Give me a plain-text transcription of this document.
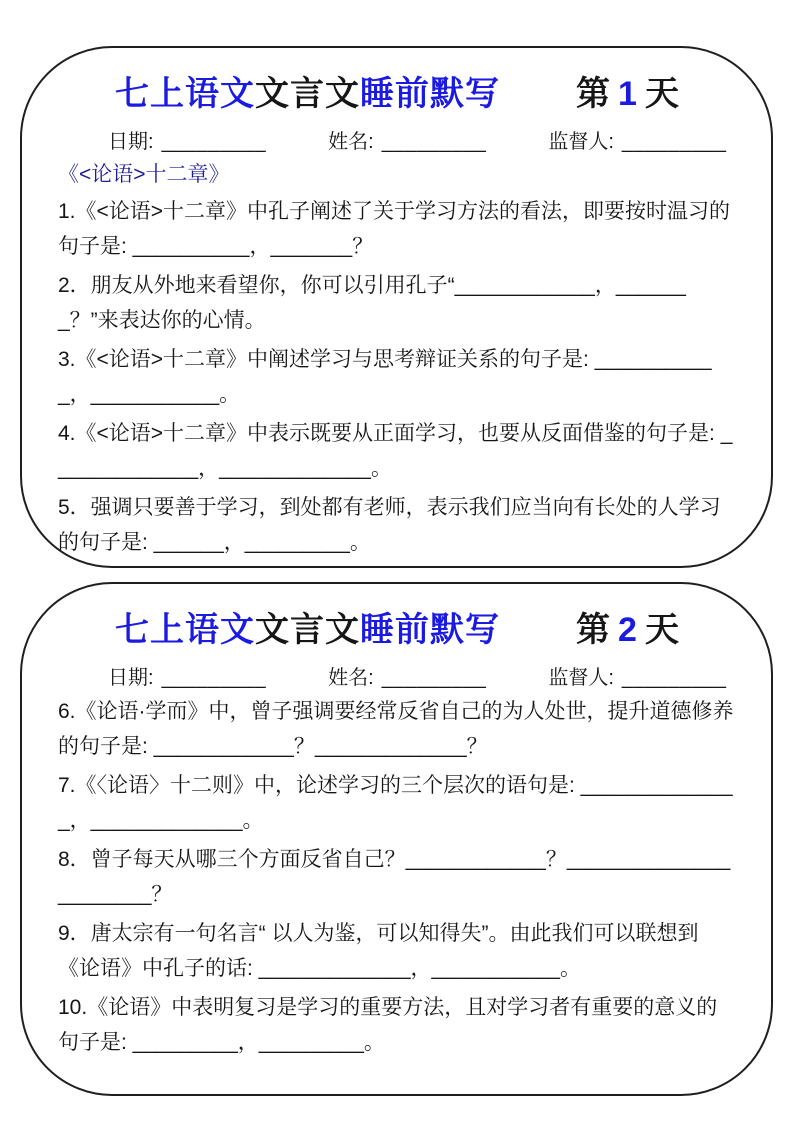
七上语文文言文睡前默写 第 1 天
日期: _________	姓名: _________	监督人: _________
《<论语>十二章》

1.《<论语>十二章》中孔子阐述了关于学习方法的看法，即要按时温习的句子是: __________，_______？

2．朋友从外地来看望你，你可以引用孔子“____________，_______？”来表达你的心情。

3.《<论语>十二章》中阐述学习与思考辩证关系的句子是: ___________，___________。

4.《<论语>十二章》中表示既要从正面学习，也要从反面借鉴的句子是: _____________，_____________。

5．强调只要善于学习，到处都有老师，表示我们应当向有长处的人学习的句子是: ______，_________。

七上语文文言文睡前默写 第 2 天
日期: _________	姓名: _________	监督人: _________

6.《论语·学而》中，曾子强调要经常反省自己的为人处世，提升道德修养的句子是: ____________？_____________？

7.《〈论语〉十二则》中，论述学习的三个层次的语句是: ______________，_____________。

8．曾子每天从哪三个方面反省自己？____________？______________________？

9．唐太宗有一句名言“ 以人为鉴，可以知得失”。由此我们可以联想到《论语》中孔子的话: _____________，___________。

10.《论语》中表明复习是学习的重要方法，且对学习者有重要的意义的句子是: _________，_________。
